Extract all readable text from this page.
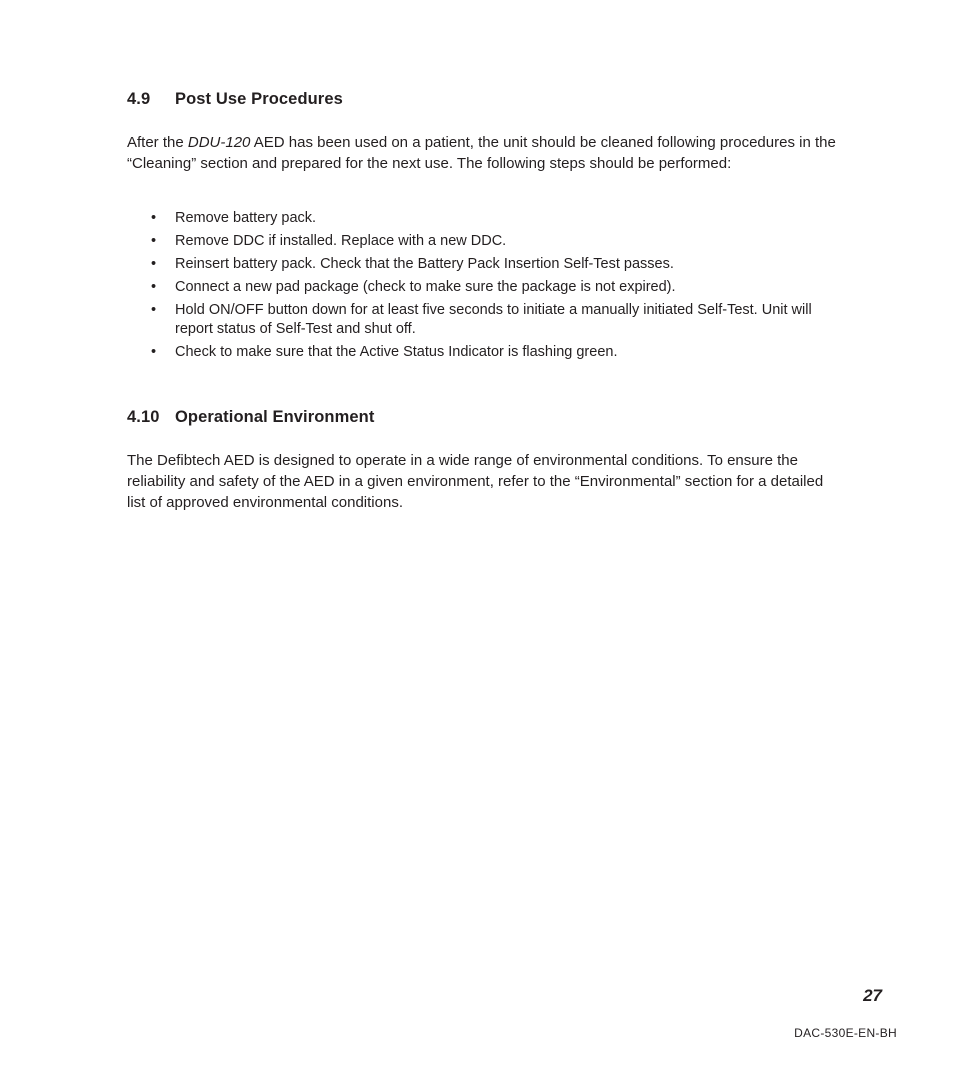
4.9 Post Use Procedures

After the DDU-120 AED has been used on a patient, the unit should be cleaned following procedures in the “Cleaning” section and prepared for the next use. The following steps should be performed:

• Remove battery pack.
• Remove DDC if installed. Replace with a new DDC.
• Reinsert battery pack. Check that the Battery Pack Insertion Self-Test passes.
• Connect a new pad package (check to make sure the package is not expired).
• Hold ON/OFF button down for at least five seconds to initiate a manually initiated Self-Test. Unit will report status of Self-Test and shut off.
• Check to make sure that the Active Status Indicator is flashing green.
4.10 Operational Environment

The Defibtech AED is designed to operate in a wide range of environmental conditions. To ensure the reliability and safety of the AED in a given environment, refer to the “Environmental” section for a detailed list of approved environmental conditions.

27
DAC-530E-EN-BH
